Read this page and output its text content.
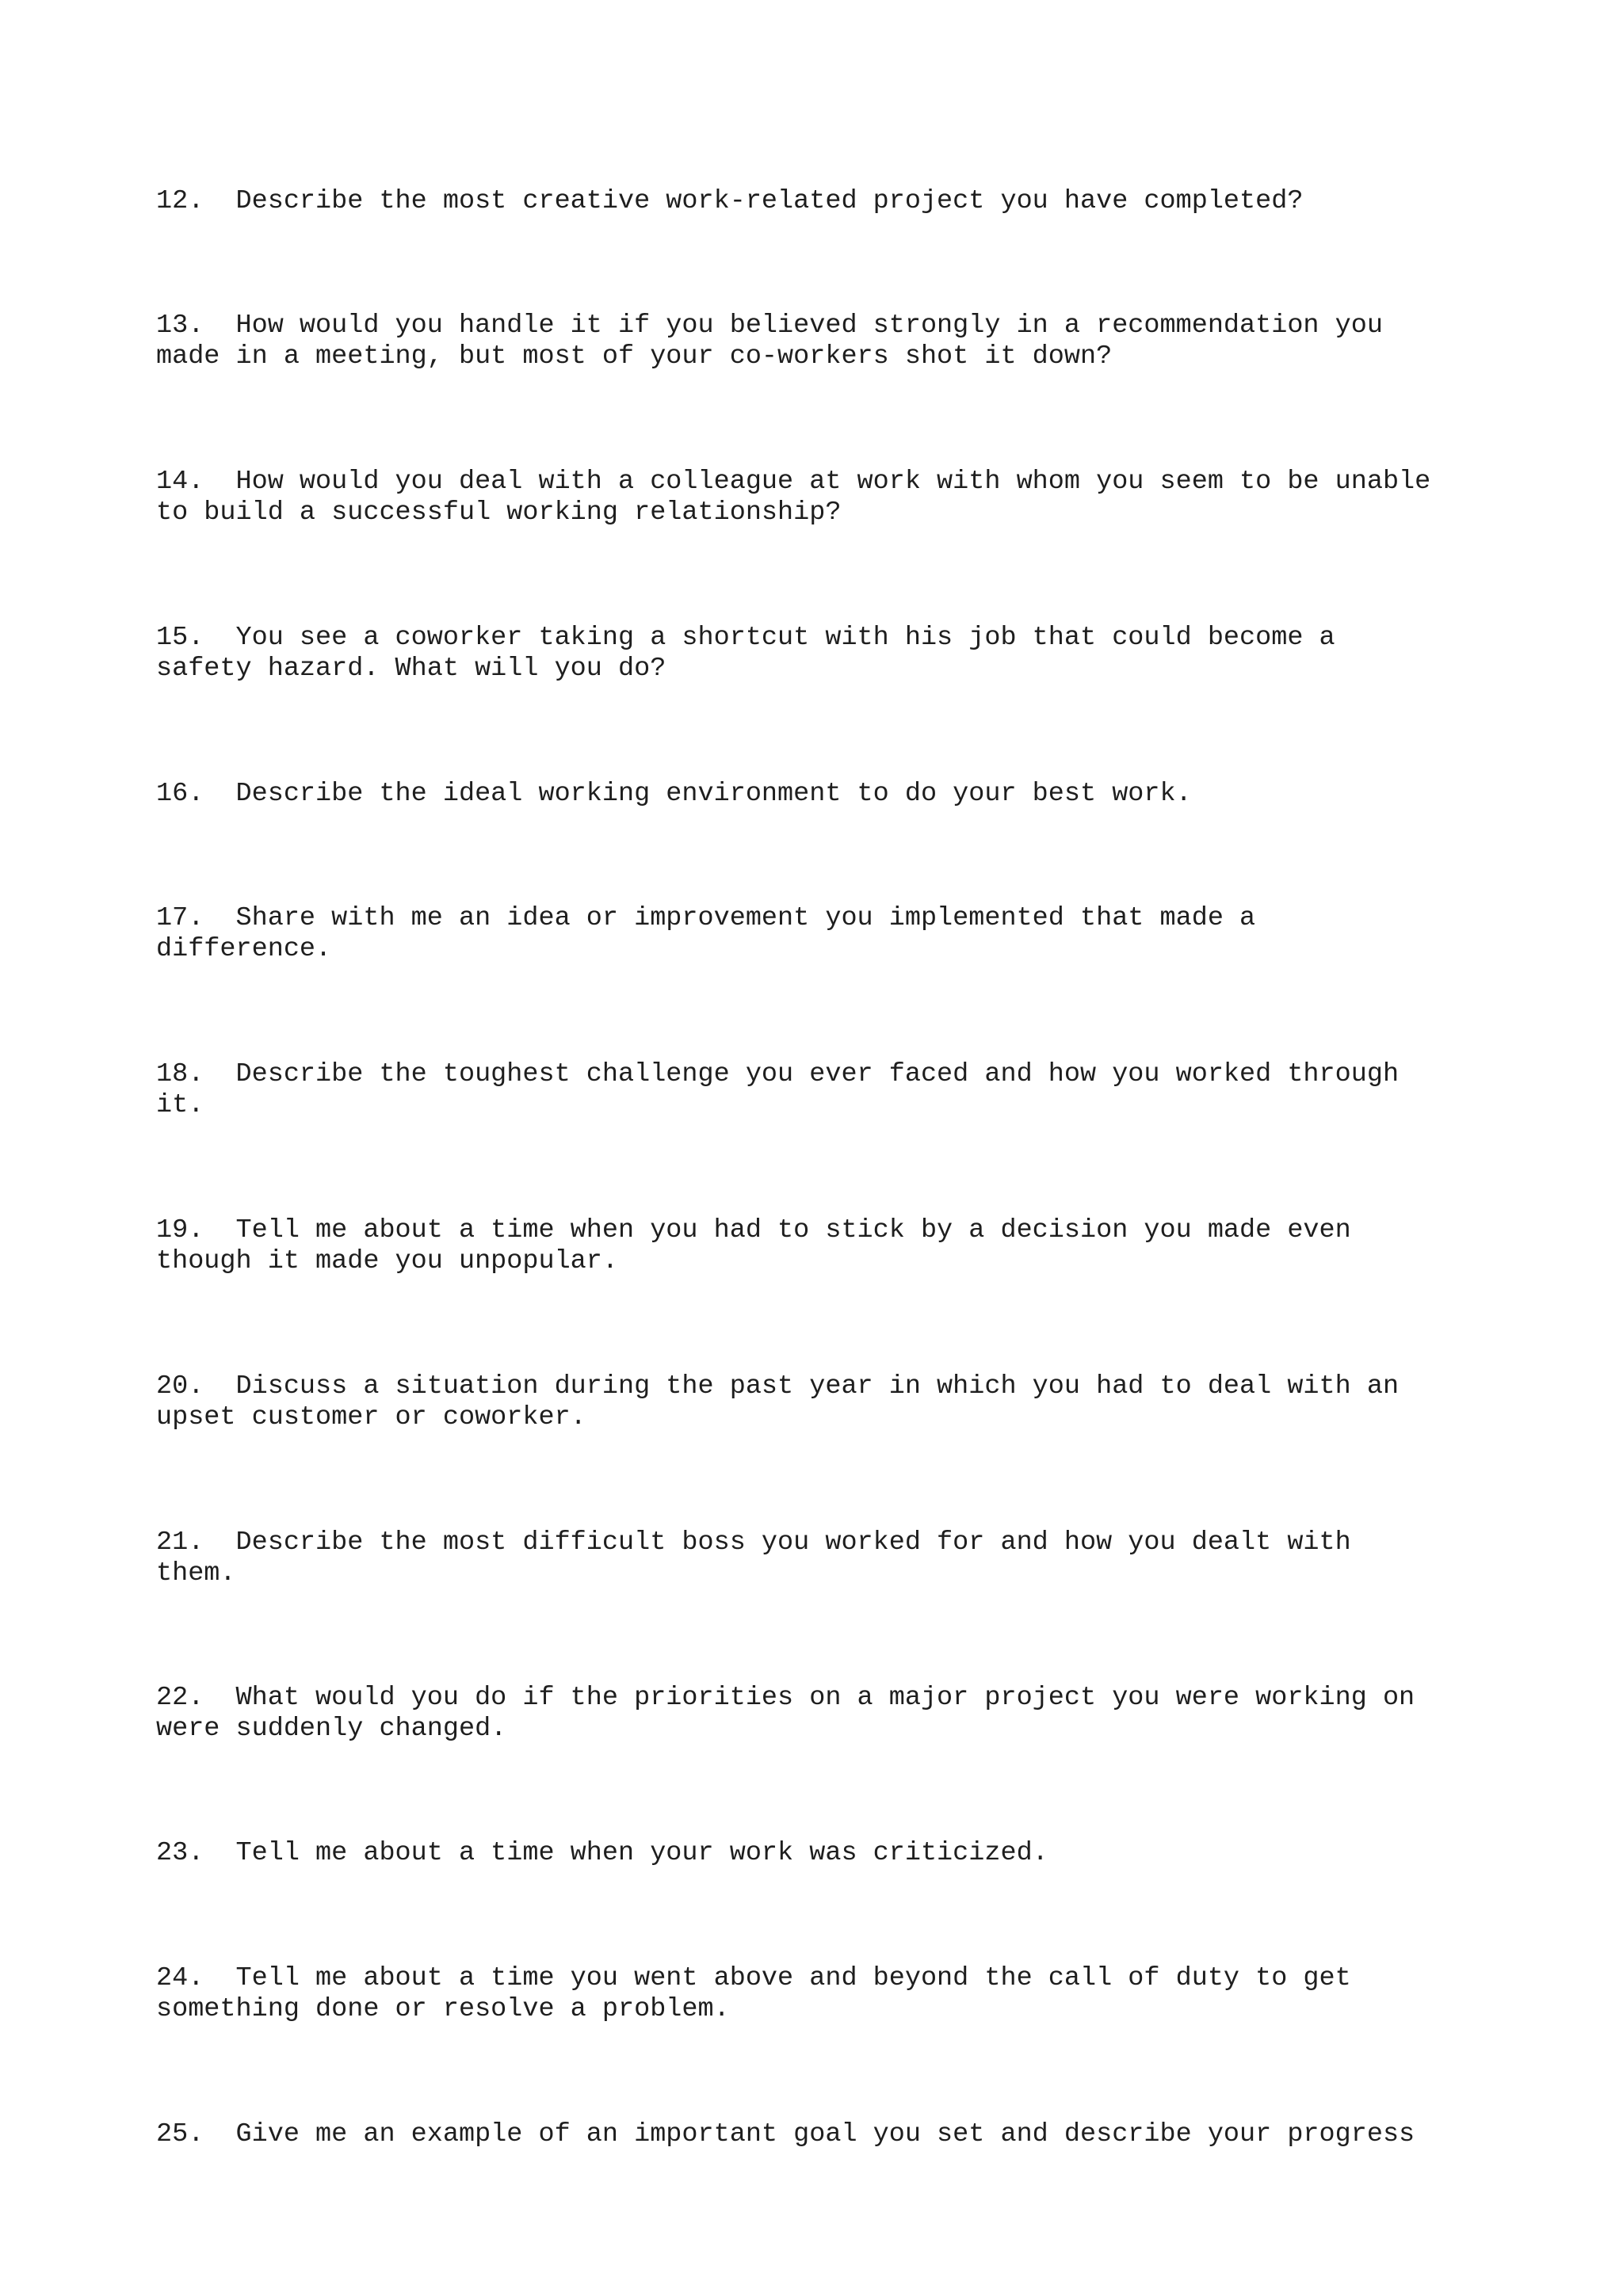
12.  Describe the most creative work-related project you have completed?
13.  How would you handle it if you believed strongly in a recommendation you
made in a meeting, but most of your co-workers shot it down?
14.  How would you deal with a colleague at work with whom you seem to be unable
to build a successful working relationship?
15.  You see a coworker taking a shortcut with his job that could become a
safety hazard. What will you do?
16.  Describe the ideal working environment to do your best work.
17.  Share with me an idea or improvement you implemented that made a
difference.
18.  Describe the toughest challenge you ever faced and how you worked through
it.
19.  Tell me about a time when you had to stick by a decision you made even
though it made you unpopular.
20.  Discuss a situation during the past year in which you had to deal with an
upset customer or coworker.
21.  Describe the most difficult boss you worked for and how you dealt with
them.
22.  What would you do if the priorities on a major project you were working on
were suddenly changed.
23.  Tell me about a time when your work was criticized.
24.  Tell me about a time you went above and beyond the call of duty to get
something done or resolve a problem.
25.  Give me an example of an important goal you set and describe your progress
